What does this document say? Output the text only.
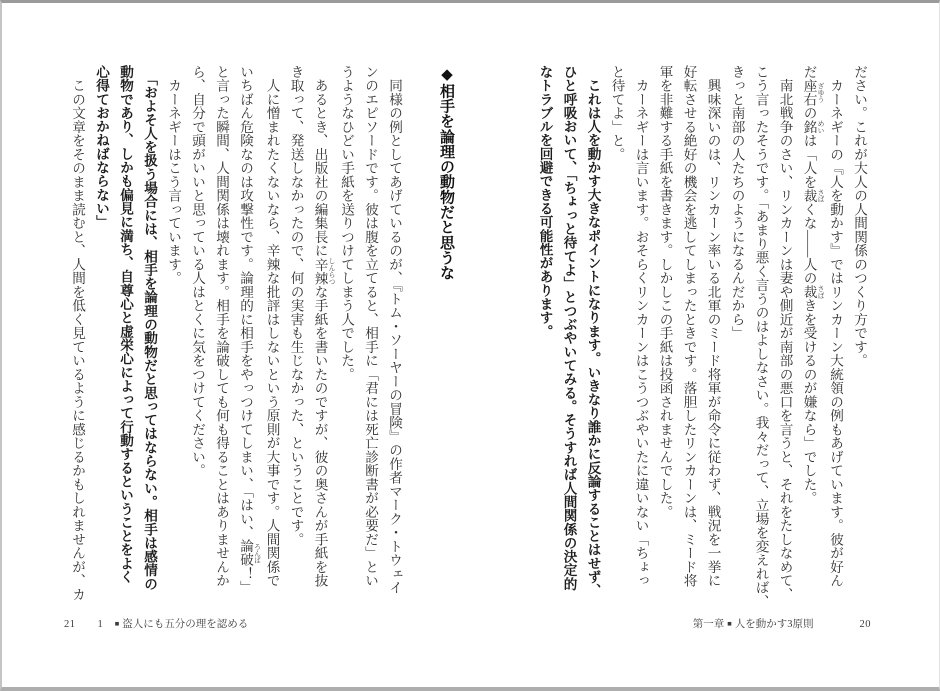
◆相手を論理の動物だと思うな
　同様の例としてあげているのが、『トム・ソーヤーの冒険』の作者マーク・トウェイ
ンのエピソードです。彼は腹を立てると、相手に「君には死亡診断書が必要だ」とい
うようなひどい手紙を送りつけてしまう人でした。
　あるとき、出版社の編集長に辛辣 しんらつな手紙を書いたのですが、彼の奥さんが手紙を抜
き取って、発送しなかったので、何の実害も生じなかった、ということです。
　人に憎まれたくないなら、辛辣な批評はしないという原則が大事です。人間関係で
いちばん危険なのは攻撃性です。論理的に相手をやっつけてしまい、「はい、論破 ろんぱ！」
と言った瞬間、人間関係は壊れます。相手を論破しても何も得ることはありませんか
ら、自分で頭がいいと思っている人はとくに気をつけてください。
　カーネギーはこう言っています。
　「およそ人を扱う場合には、相手を論理の動物だと思ってはならない。相手は感情の
動物であり、しかも偏見に満ち、自尊心と虚栄心によって行動するということをよく
心得ておかねばならない」
　この文章をそのまま読むと、人間を低く見ているように感じるかもしれませんが、カ
21 1 ■ 盗人にも五分の理を認める
ださい。これが大人の人間関係のつくり方です。
　カーネギーの『人を動かす』ではリンカーン大統領の例もあげています。彼が好ん
だ座右 ざゆうの銘 めいは「人を裁 さばくな——人の裁 さばきを受けるのが嫌なら」でした。
　南北戦争のさい、リンカーンは妻や側近が南部の悪口を言うと、それをたしなめて、
こう言ったそうです。「あまり悪く言うのはよしなさい。我々だって、立場を変えれば、
きっと南部の人たちのようになるんだから」
　興味深いのは、リンカーン率いる北軍のミード将軍が命令に従わず、戦況を一挙に
好転させる絶好の機会を逃してしまったときです。落胆したリンカーンは、ミード将
軍を非難する手紙を書きます。しかしこの手紙は投函されませんでした。
　カーネギーは言います。おそらくリンカーンはこうつぶやいたに違いない「ちょっ
と待てよ」と。
　これは人を動かす大きなポイントになります。いきなり誰かに反論することはせず、
ひと呼吸おいて、「ちょっと待てよ」とつぶやいてみる。そうすれば人間関係の決定的
なトラブルを回避できる可能性があります。
第一章 ■ 人を動かす3原則	20
